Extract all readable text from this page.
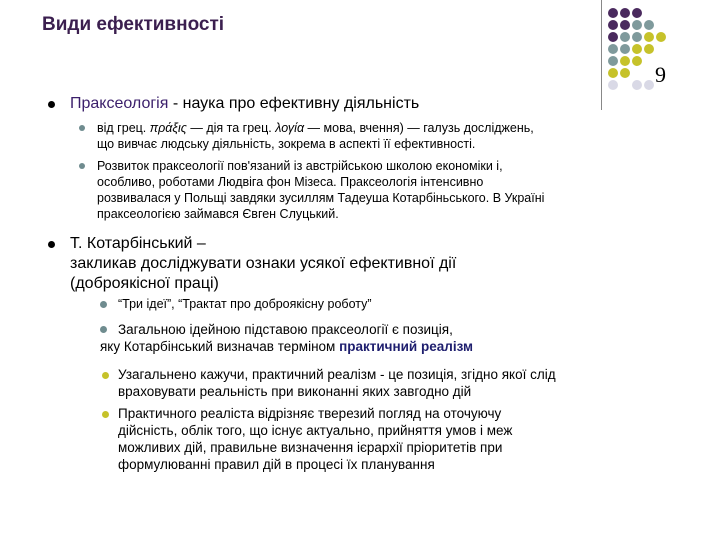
Види ефективності
9
Праксеологія - наука про ефективну діяльність
від грец. πράξις — дія та грец. λογία — мова, вчення) — галузь досліджень,
що вивчає людську діяльність, зокрема в аспекті її ефективності.
Розвиток праксеології пов'язаний із австрійською школою економіки і,
особливо, роботами Людвіга фон Мізеса. Праксеологія інтенсивно
розвивалася у Польщі завдяки зусиллям Тадеуша Котарбіньського. В Україні
праксеологією займався Євген Слуцький.
Т. Котарбінський –
закликав досліджувати ознаки усякої ефективної дії
(доброякісної праці)
“Три ідеї”, “Трактат про доброякісну роботу”
Загальною ідейною підставою праксеології є позиція,
яку Котарбінський визначав терміном практичний реалізм
Узагальнено кажучи, практичний реалізм - це позиція, згідно якої слід
враховувати реальність при виконанні яких завгодно дій
Практичного реаліста відрізняє тверезий погляд на оточуючу
дійсність, облік того, що існує актуально, прийняття умов і меж
можливих дій, правильне визначення ієрархії пріоритетів при
формулюванні правил дій в процесі їх планування
